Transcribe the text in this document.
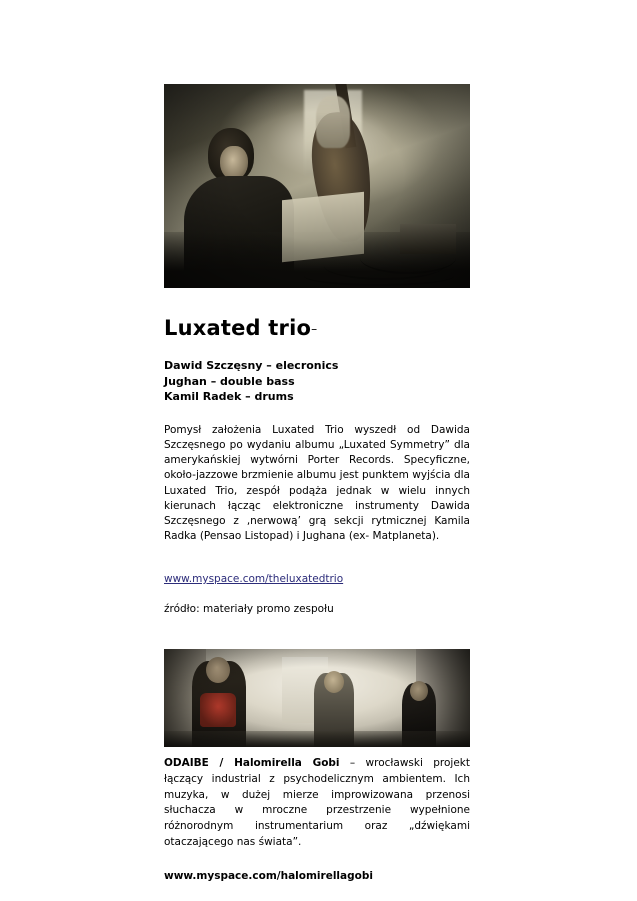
Luxated trio–
Dawid Szczęsny – elecronics
Jughan – double bass
Kamil Radek – drums

Pomysł założenia Luxated Trio wyszedł od Dawida Szczęsnego po wydaniu albumu „Luxated Symmetry” dla amerykańskiej wytwórni Porter Records. Specyficzne, około-jazzowe brzmienie albumu jest punktem wyjścia dla Luxated Trio, zespół podąża jednak w wielu innych kierunach łącząc elektroniczne instrumenty Dawida Szczęsnego z ‚nerwową’ grą sekcji rytmicznej Kamila Radka (Pensao Listopad) i Jughana (ex- Matplaneta).

www.myspace.com/theluxatedtrio
źródło: materiały promo zespołu

ODAIBE / Halomirella Gobi – wrocławski projekt łączący industrial z psychodelicznym ambientem. Ich muzyka, w dużej mierze improwizowana przenosi słuchacza w mroczne przestrzenie wypełnione różnorodnym instrumentarium oraz „dźwiękami otaczającego nas świata”.

www.myspace.com/halomirellagobi
